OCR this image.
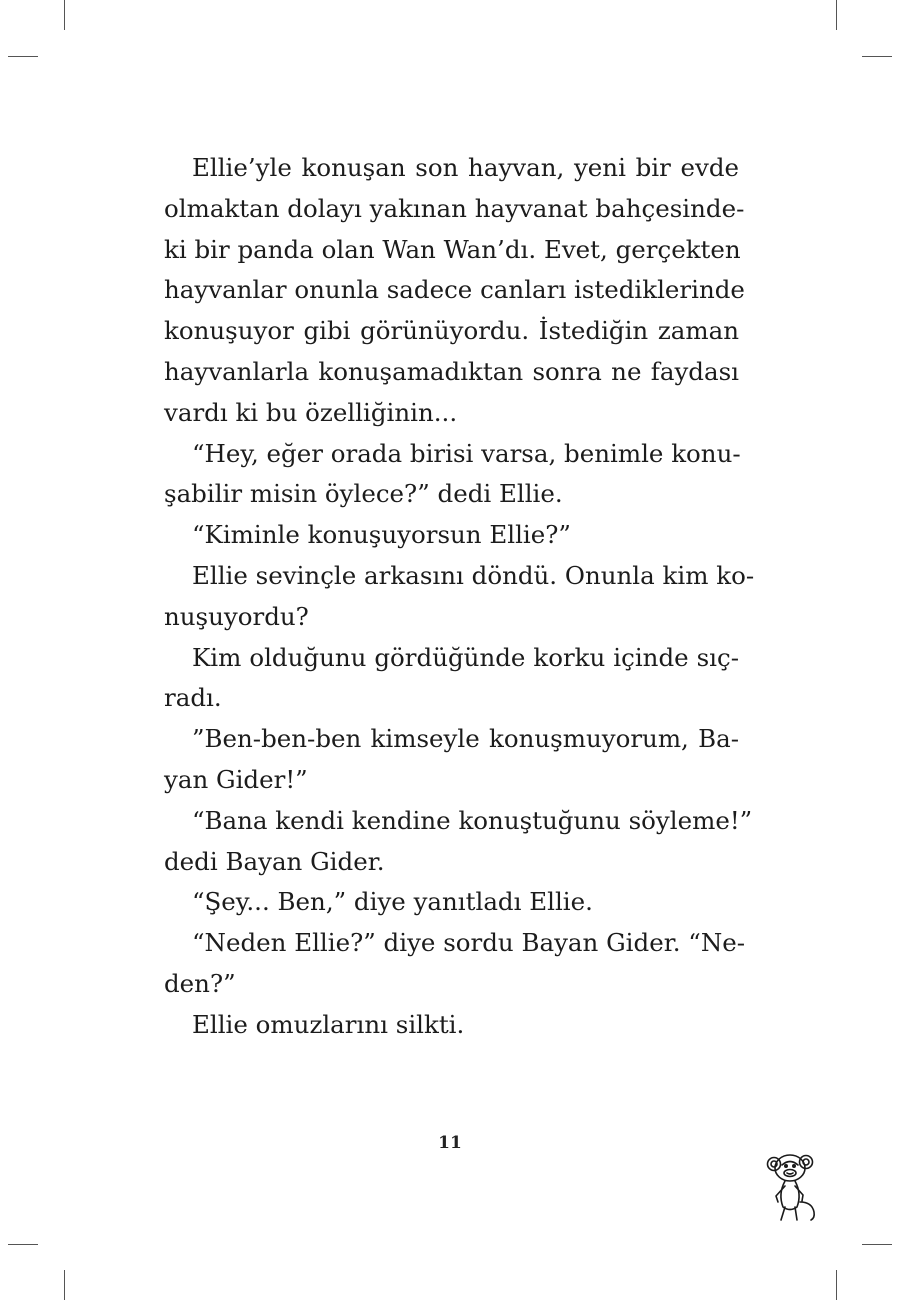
Ellie’yle konuşan son hayvan, yeni bir evde
olmaktan dolayı yakınan hayvanat bahçesinde-
ki bir panda olan Wan Wan’dı. Evet, gerçekten
hayvanlar onunla sadece canları istediklerinde
konuşuyor gibi görünüyordu. İstediğin zaman
hayvanlarla konuşamadıktan sonra ne faydası
vardı ki bu özelliğinin...
“Hey, eğer orada birisi varsa, benimle konu-
şabilir misin öylece?” dedi Ellie.
“Kiminle konuşuyorsun Ellie?”
Ellie sevinçle arkasını döndü. Onunla kim ko-
nuşuyordu?
Kim olduğunu gördüğünde korku içinde sıç-
radı.
”Ben-ben-ben kimseyle konuşmuyorum, Ba-
yan Gider!”
“Bana kendi kendine konuştuğunu söyleme!”
dedi Bayan Gider.
“Şey... Ben,” diye yanıtladı Ellie.
“Neden Ellie?” diye sordu Bayan Gider. “Ne-
den?”
Ellie omuzlarını silkti.
11
